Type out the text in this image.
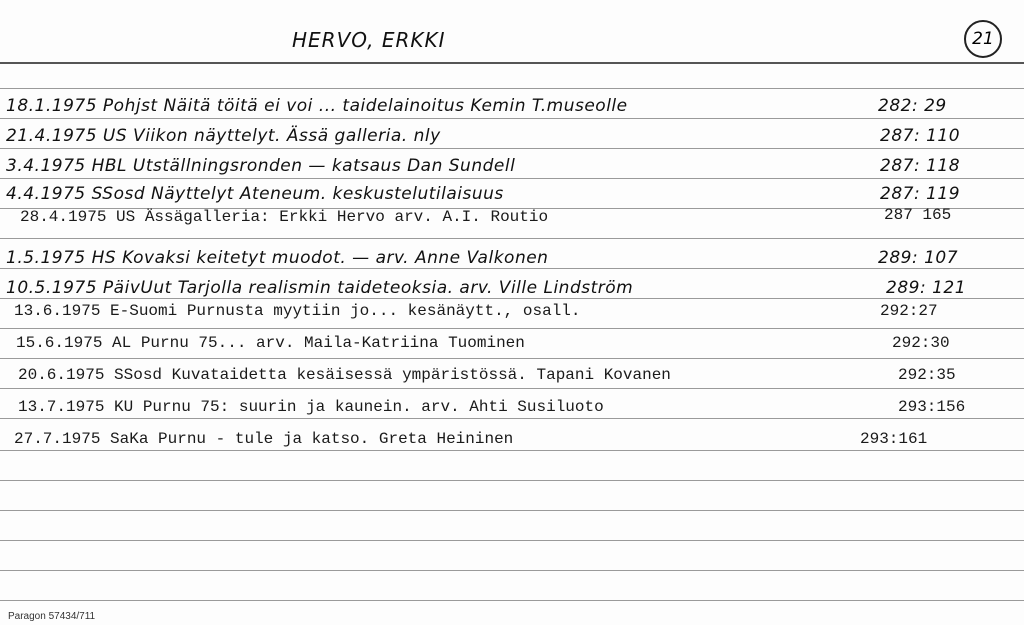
HERVO, ERKKI	21
18.1.1975 Pohjst Näitä töitä ei voi ... taidelainoitus Kemin T.museolle	282: 29
21.4.1975 US Viikon näyttelyt. Ässä galleria. nly	287: 110
3.4.1975 HBL Utställningsronden — katsaus Dan Sundell	287: 118
4.4.1975 SSosd Näyttelyt Ateneum. keskustelutilaisuus	287: 119
28.4.1975 US Ässägalleria: Erkki Hervo arv. A.I. Routio	287 165
1.5.1975 HS Kovaksi keitetyt muodot. — arv. Anne Valkonen	289: 107
10.5.1975 PäivUut Tarjolla realismin taideteoksia. arv. Ville Lindström	289: 121
13.6.1975 E-Suomi Purnusta myytiin jo... kesänäytt., osall.	292:27
15.6.1975 AL Purnu 75... arv. Maila-Katriina Tuominen	292:30
20.6.1975 SSosd Kuvataidetta kesäisessä ympäristössä. Tapani Kovanen	292:35
13.7.1975 KU Purnu 75: suurin ja kaunein. arv. Ahti Susiluoto	293:156
27.7.1975 SaKa Purnu - tule ja katso. Greta Heininen	293:161
Paragon 57434/711
